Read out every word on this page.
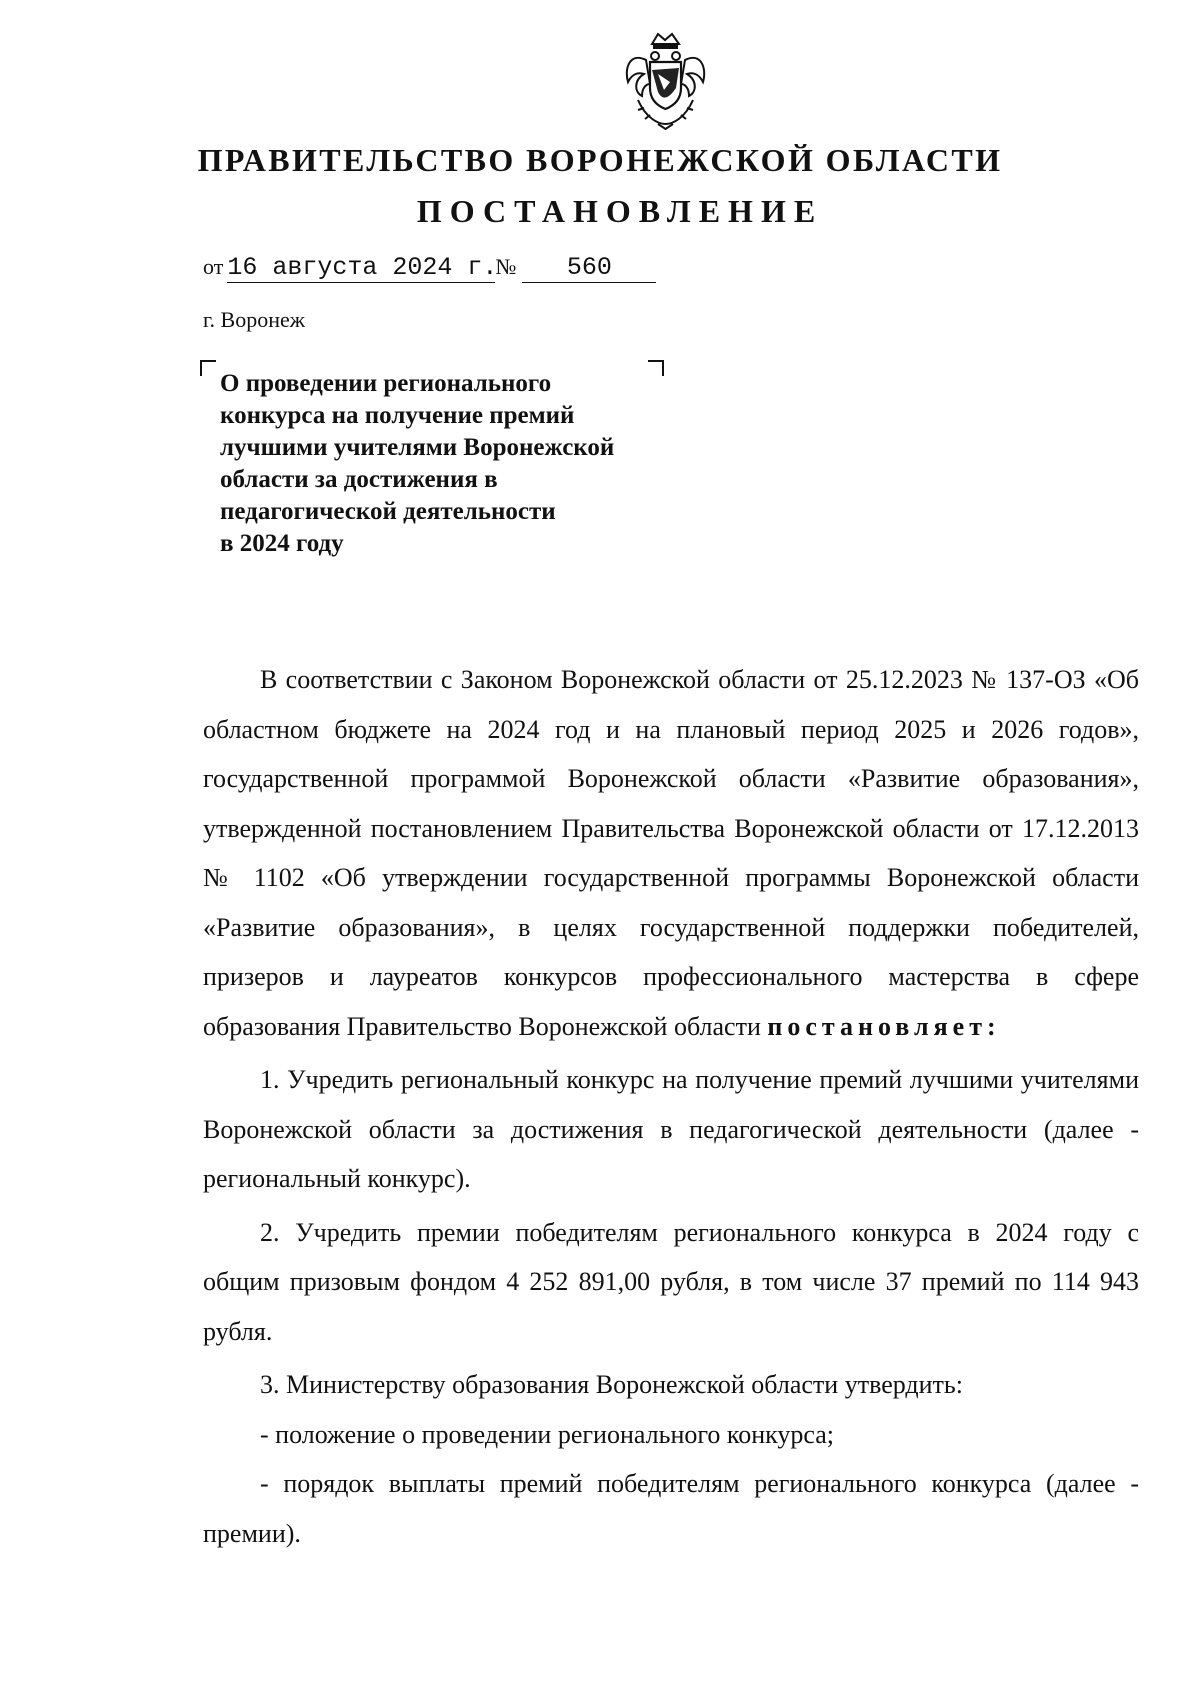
ПРАВИТЕЛЬСТВО ВОРОНЕЖСКОЙ ОБЛАСТИ
ПОСТАНОВЛЕНИЕ
от 16 августа 2024 г.№ 560
г. Воронеж
О проведении регионального
конкурса на получение премий
лучшими учителями Воронежской
области за достижения в
педагогической деятельности
в 2024 году

В соответствии с Законом Воронежской области от 25.12.2023 № 137-ОЗ «Об областном бюджете на 2024 год и на плановый период 2025 и 2026 годов», государственной программой Воронежской области «Развитие образования», утвержденной постановлением Правительства Воронежской области от 17.12.2013 № 1102 «Об утверждении государственной программы Воронежской области «Развитие образования», в целях государственной поддержки победителей, призеров и лауреатов конкурсов профессионального мастерства в сфере образования Правительство Воронежской области постановляет:

1. Учредить региональный конкурс на получение премий лучшими учителями Воронежской области за достижения в педагогической деятельности (далее - региональный конкурс).

2. Учредить премии победителям регионального конкурса в 2024 году с общим призовым фондом 4 252 891,00 рубля, в том числе 37 премий по 114 943 рубля.

3. Министерству образования Воронежской области утвердить:

- положение о проведении регионального конкурса;

- порядок выплаты премий победителям регионального конкурса (далее - премии).
